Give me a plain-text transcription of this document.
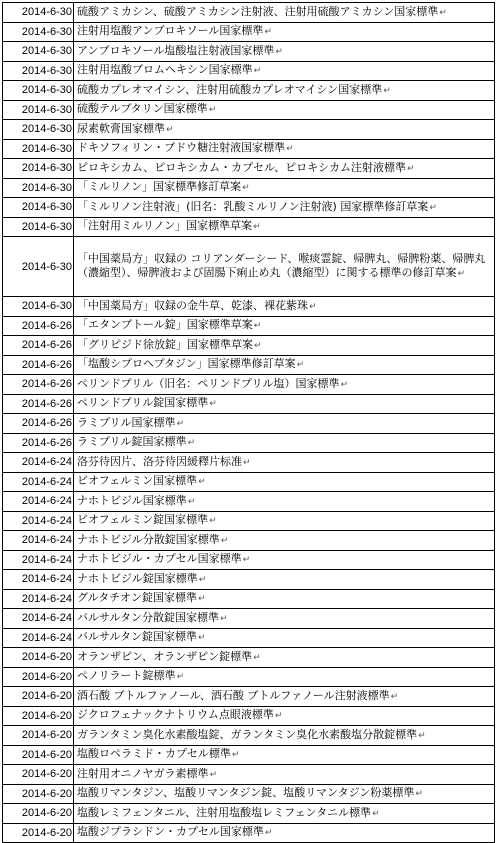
2014-6-30	硫酸アミカシン、硫酸アミカシン注射液、注射用硫酸アミカシン国家標準↵
2014-6-30	注射用塩酸アンブロキソール国家標準↵
2014-6-30	アンブロキソール塩酸塩注射液国家標準↵
2014-6-30	注射用塩酸ブロムヘキシン国家標準↵
2014-6-30	硫酸カプレオマイシン、注射用硫酸カプレオマイシン国家標準↵
2014-6-30	硫酸テルブタリン国家標準↵
2014-6-30	尿素軟膏国家標準↵
2014-6-30	ドキソフィリン・ブドウ糖注射液国家標準↵
2014-6-30	ピロキシカム、ピロキシカム・カプセル、ピロキシカム注射液標準↵
2014-6-30	「ミルリノン」国家標準修訂草案↵
2014-6-30	「ミルリノン注射液」(旧名：乳酸ミルリノン注射液) 国家標準修訂草案↵
2014-6-30	「注射用ミルリノン」国家標準草案↵
2014-6-30	「中国薬局方」収録の コリアンダーシード、喉痰霊錠、帰脾丸、帰脾粉薬、帰脾丸（濃縮型）、帰脾液および固腸下痢止め丸（濃縮型）に関する標準の修訂草案↵
2014-6-30	「中国薬局方」収録の金牛草、乾漆、裸花紫珠↵
2014-6-26	「エタンブトール錠」国家標準草案↵
2014-6-26	「グリピジド徐放錠」国家標準草案↵
2014-6-26	「塩酸シプロヘプタジン」国家標準修訂草案↵
2014-6-26	ペリンドプリル（旧名：ペリンドプリル塩）国家標準↵
2014-6-26	ペリンドプリル錠国家標準↵
2014-6-26	ラミプリル国家標準↵
2014-6-26	ラミプリル錠国家標準↵
2014-6-24	洛芬待因片、洛芬待因緩釋片标准↵
2014-6-24	ビオフェルミン国家標準↵
2014-6-24	ナホトビジル国家標準↵
2014-6-24	ビオフェルミン錠国家標準↵
2014-6-24	ナホトビジル分散錠国家標準↵
2014-6-24	ナホトビジル・カプセル国家標準↵
2014-6-24	ナホトビジル錠国家標準↵
2014-6-24	グルタチオン錠国家標準↵
2014-6-24	バルサルタン分散錠国家標準↵
2014-6-24	バルサルタン錠国家標準↵
2014-6-20	オランザピン、オランザピン錠標準↵
2014-6-20	ペノリラート錠標準↵
2014-6-20	酒石酸 ブトルファノール、酒石酸 ブトルファノール注射液標準↵
2014-6-20	ジクロフェナックナトリウム点眼液標準↵
2014-6-20	ガランタミン臭化水素酸塩錠、ガランタミン臭化水素酸塩分散錠標準↵
2014-6-20	塩酸ロペラミド・カプセル標準↵
2014-6-20	注射用オニノヤガラ素標準↵
2014-6-20	塩酸リマンタジン、塩酸リマンタジン錠、塩酸リマンタジン粉薬標準↵
2014-6-20	塩酸レミフェンタニル、注射用塩酸塩レミフェンタニル標準↵
2014-6-20	塩酸ジプラシドン・カプセル国家標準↵
